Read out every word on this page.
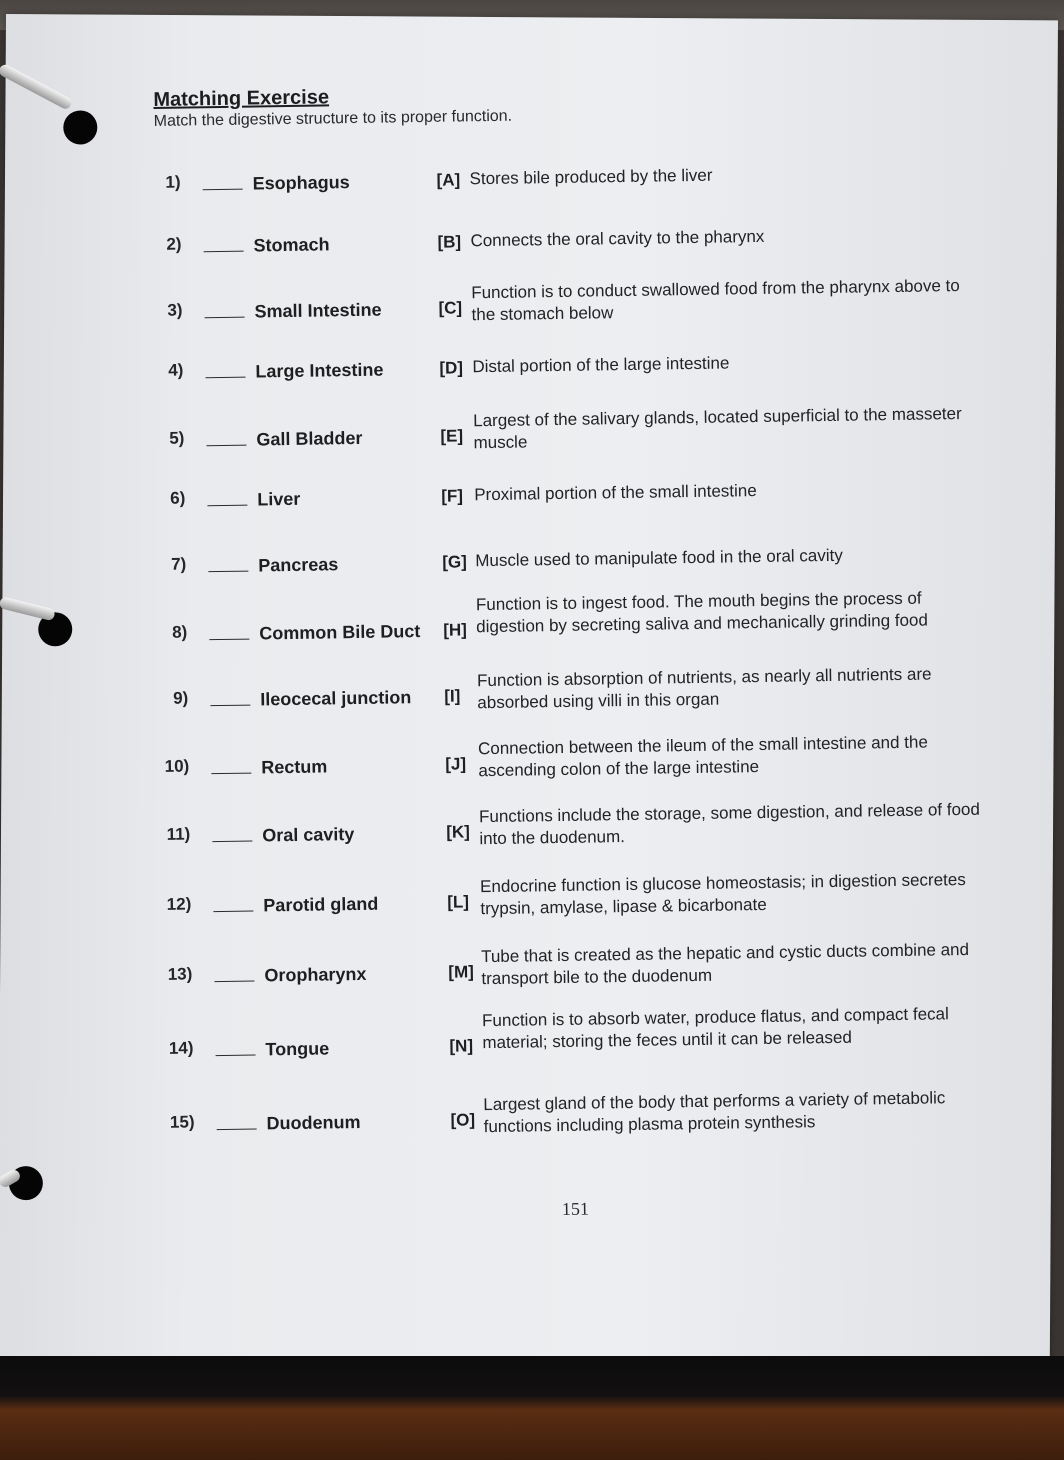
Matching Exercise
Match the digestive structure to its proper function.
1)	Esophagus	[A] Stores bile produced by the liver
2)	Stomach	[B] Connects the oral cavity to the pharynx
3)	Small Intestine	[C]
Function is to conduct swallowed food from the pharynx above to the stomach below
4)	Large Intestine	[D] Distal portion of the large intestine
5)	Gall Bladder	[E]
Largest of the salivary glands, located superficial to the masseter muscle
6)	Liver	[F] Proximal portion of the small intestine
7)	Pancreas	[G] Muscle used to manipulate food in the oral cavity
8)	Common Bile Duct [H]
Function is to ingest food. The mouth begins the process of digestion by secreting saliva and mechanically grinding food
9)	Ileocecal junction [I]
Function is absorption of nutrients, as nearly all nutrients are absorbed using villi in this organ
10)	Rectum	[J]
Connection between the ileum of the small intestine and the ascending colon of the large intestine
11)	Oral cavity	[K]
Functions include the storage, some digestion, and release of food into the duodenum.
12)	Parotid gland	[L]
Endocrine function is glucose homeostasis; in digestion secretes trypsin, amylase, lipase & bicarbonate
13)	Oropharynx	[M]
Tube that is created as the hepatic and cystic ducts combine and transport bile to the duodenum
14)	Tongue	[N]
Function is to absorb water, produce flatus, and compact fecal material; storing the feces until it can be released
15)	Duodenum	[O]
Largest gland of the body that performs a variety of metabolic functions including plasma protein synthesis
151
